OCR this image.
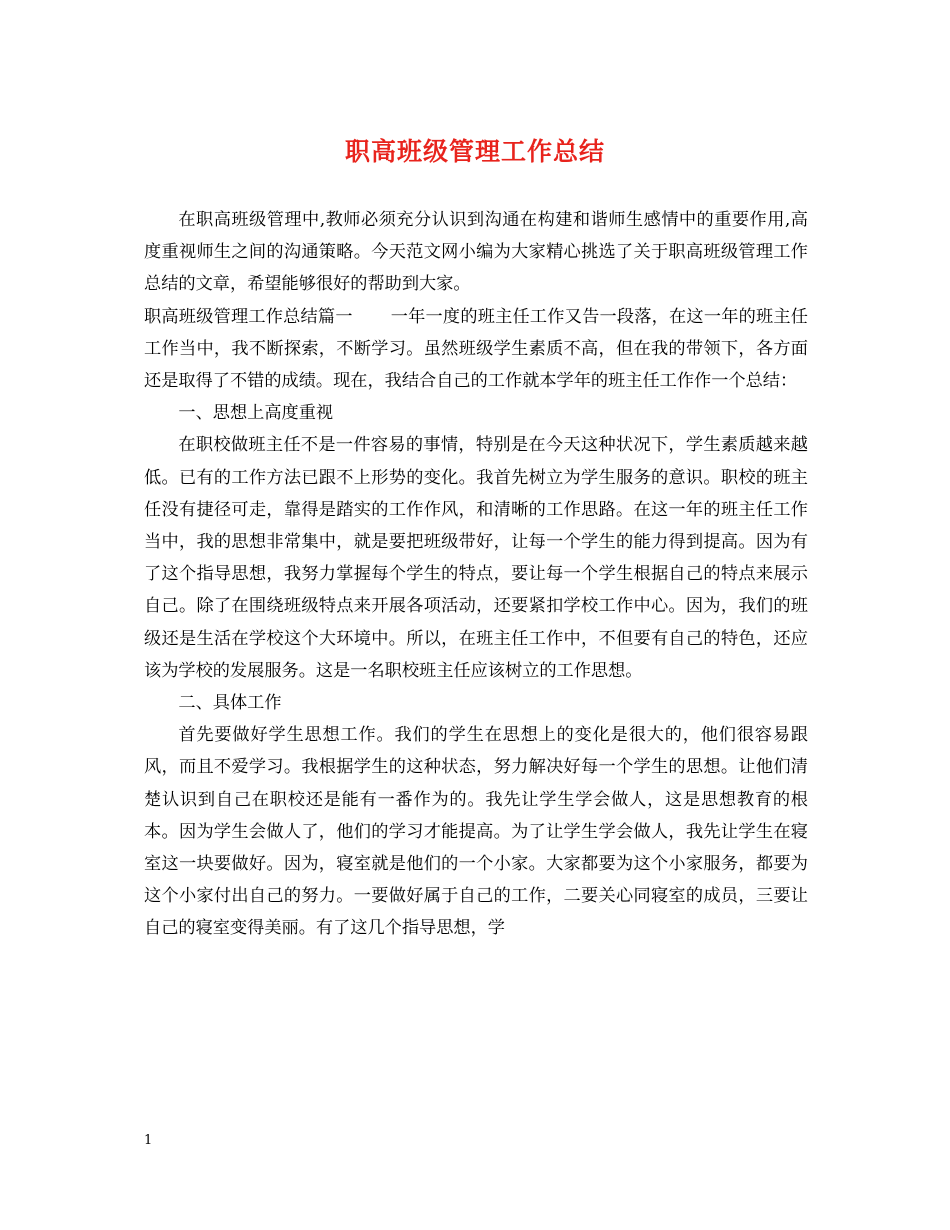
职高班级管理工作总结

在职高班级管理中,教师必须充分认识到沟通在构建和谐师生感情中的重要作用,高度重视师生之间的沟通策略。今天范文网小编为大家精心挑选了关于职高班级管理工作总结的文章，希望能够很好的帮助到大家。

职高班级管理工作总结篇一 一年一度的班主任工作又告一段落，在这一年的班主任工作当中，我不断探索，不断学习。虽然班级学生素质不高，但在我的带领下，各方面还是取得了不错的成绩。现在，我结合自己的工作就本学年的班主任工作作一个总结：

一、思想上高度重视

在职校做班主任不是一件容易的事情，特别是在今天这种状况下，学生素质越来越低。已有的工作方法已跟不上形势的变化。我首先树立为学生服务的意识。职校的班主任没有捷径可走，靠得是踏实的工作作风，和清晰的工作思路。在这一年的班主任工作当中，我的思想非常集中，就是要把班级带好，让每一个学生的能力得到提高。因为有了这个指导思想，我努力掌握每个学生的特点，要让每一个学生根据自己的特点来展示自己。除了在围绕班级特点来开展各项活动，还要紧扣学校工作中心。因为，我们的班级还是生活在学校这个大环境中。所以，在班主任工作中，不但要有自己的特色，还应该为学校的发展服务。这是一名职校班主任应该树立的工作思想。

二、具体工作

首先要做好学生思想工作。我们的学生在思想上的变化是很大的，他们很容易跟风，而且不爱学习。我根据学生的这种状态，努力解决好每一个学生的思想。让他们清楚认识到自己在职校还是能有一番作为的。我先让学生学会做人，这是思想教育的根本。因为学生会做人了，他们的学习才能提高。为了让学生学会做人，我先让学生在寝室这一块要做好。因为，寝室就是他们的一个小家。大家都要为这个小家服务，都要为这个小家付出自己的努力。一要做好属于自己的工作，二要关心同寝室的成员，三要让自己的寝室变得美丽。有了这几个指导思想，学

1
